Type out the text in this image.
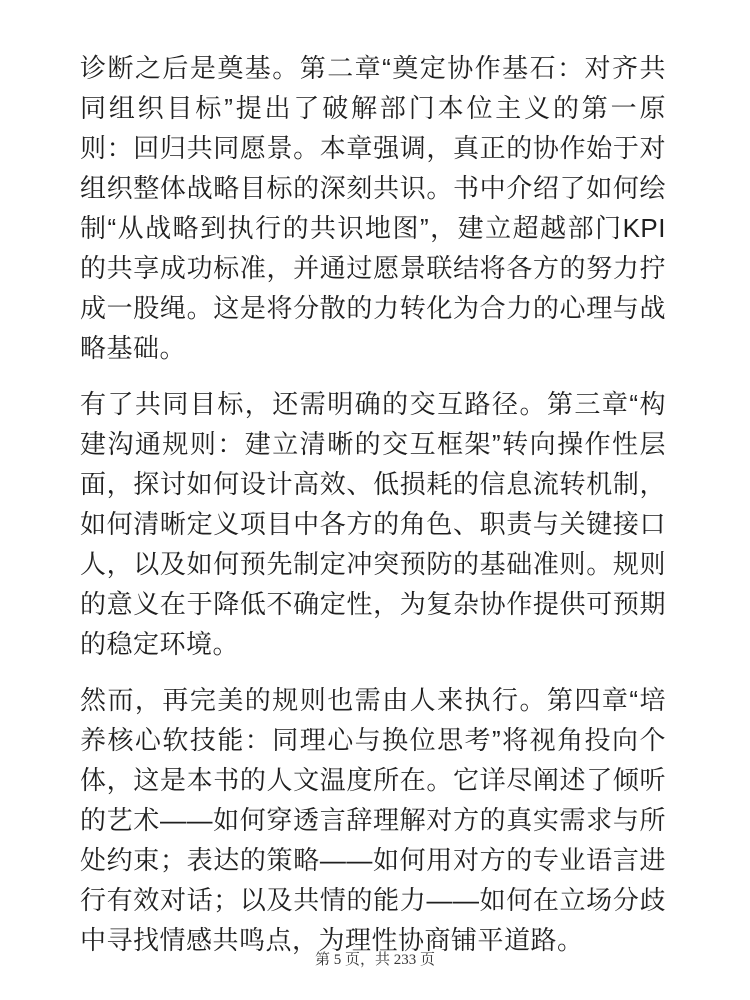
诊断之后是奠基。第二章“奠定协作基石：对齐共同组织目标”提出了破解部门本位主义的第一原则：回归共同愿景。本章强调，真正的协作始于对组织整体战略目标的深刻共识。书中介绍了如何绘制“从战略到执行的共识地图”，建立超越部门KPI的共享成功标准，并通过愿景联结将各方的努力拧成一股绳。这是将分散的力转化为合力的心理与战略基础。

有了共同目标，还需明确的交互路径。第三章“构建沟通规则：建立清晰的交互框架”转向操作性层面，探讨如何设计高效、低损耗的信息流转机制，如何清晰定义项目中各方的角色、职责与关键接口人，以及如何预先制定冲突预防的基础准则。规则的意义在于降低不确定性，为复杂协作提供可预期的稳定环境。

然而，再完美的规则也需由人来执行。第四章“培养核心软技能：同理心与换位思考”将视角投向个体，这是本书的人文温度所在。它详尽阐述了倾听的艺术——如何穿透言辞理解对方的真实需求与所处约束；表达的策略——如何用对方的专业语言进行有效对话；以及共情的能力——如何在立场分歧中寻找情感共鸣点，为理性协商铺平道路。

第 5 页，共 233 页
